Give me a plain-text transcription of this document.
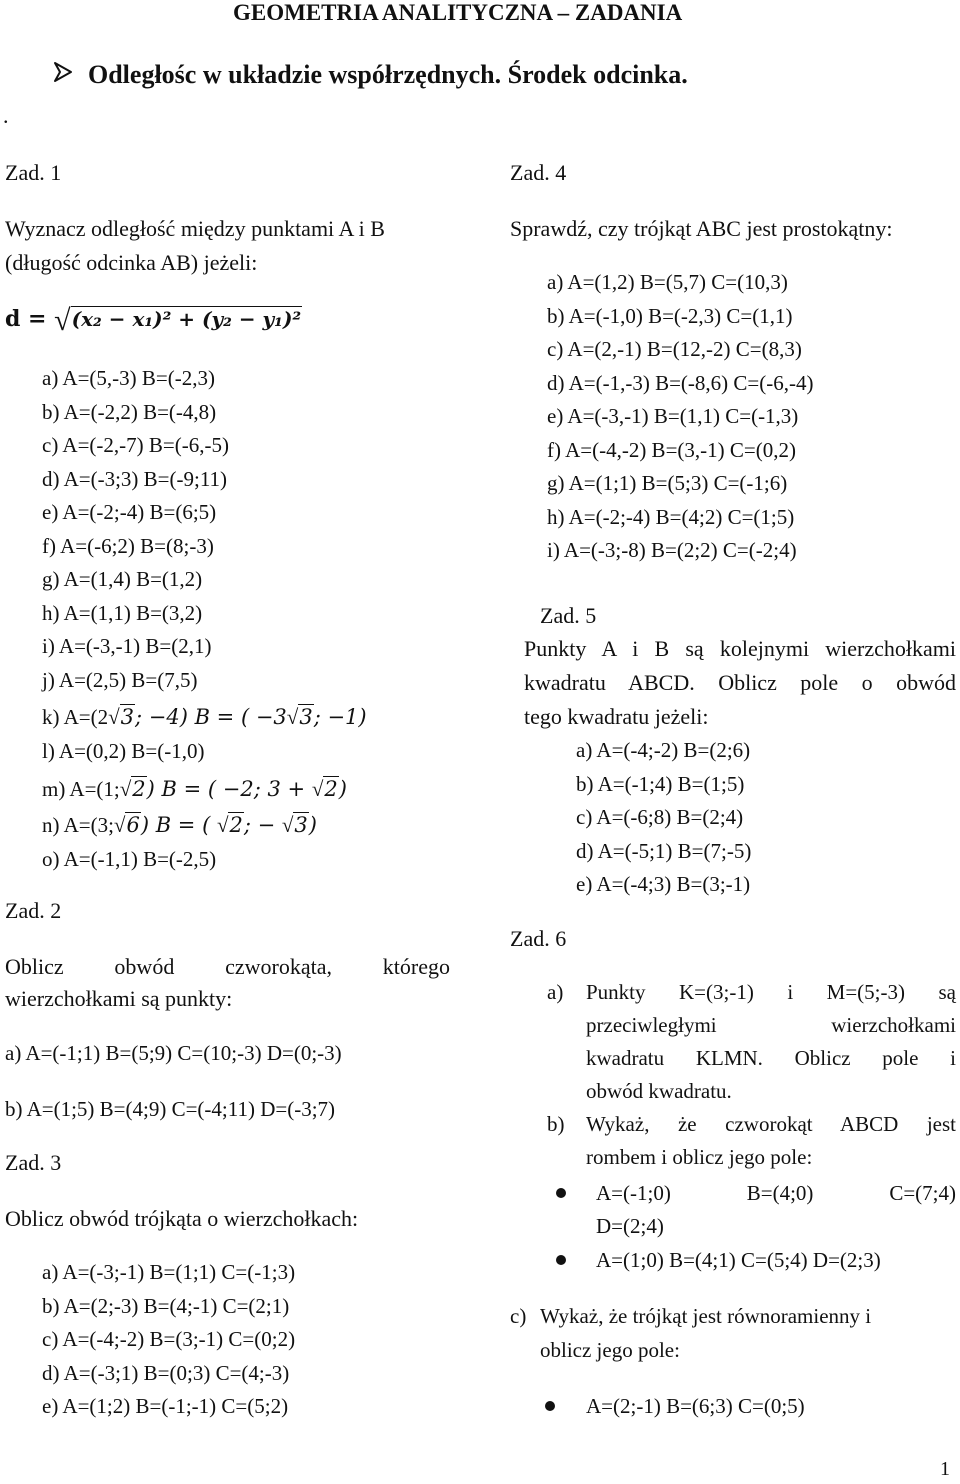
GEOMETRIA ANALITYCZNA – ZADANIA
Odległośc w układzie współrzędnych. Środek odcinka.
.
Zad. 1
Wyznacz odległość między punktami A i B
(długość odcinka AB) jeżeli:
d = √(x₂ − x₁)² + (y₂ − y₁)²
a) A=(5,-3) B=(-2,3)
b) A=(-2,2) B=(-4,8)
c) A=(-2,-7) B=(-6,-5)
d) A=(-3;3) B=(-9;11)
e) A=(-2;-4) B=(6;5)
f) A=(-6;2) B=(8;-3)
g) A=(1,4) B=(1,2)
h) A=(1,1) B=(3,2)
i) A=(-3,-1) B=(2,1)
j) A=(2,5) B=(7,5)
k) A=(2√3; −4) B = ( −3√3; −1)
l) A=(0,2) B=(-1,0)
m) A=(1;√2) B = ( −2; 3 + √2)
n) A=(3;√6) B = ( √2; − √3)
o) A=(-1,1) B=(-2,5)
Zad. 2
Oblicz obwód czworokąta, którego
wierzchołkami są punkty:
a) A=(-1;1) B=(5;9) C=(10;-3) D=(0;-3)
b) A=(1;5) B=(4;9) C=(-4;11) D=(-3;7)
Zad. 3
Oblicz obwód trójkąta o wierzchołkach:
a) A=(-3;-1) B=(1;1) C=(-1;3)
b) A=(2;-3) B=(4;-1) C=(2;1)
c) A=(-4;-2) B=(3;-1) C=(0;2)
d) A=(-3;1) B=(0;3) C=(4;-3)
e) A=(1;2) B=(-1;-1) C=(5;2)
Zad. 4
Sprawdź, czy trójkąt ABC jest prostokątny:
a) A=(1,2) B=(5,7) C=(10,3)
b) A=(-1,0) B=(-2,3) C=(1,1)
c) A=(2,-1) B=(12,-2) C=(8,3)
d) A=(-1,-3) B=(-8,6) C=(-6,-4)
e) A=(-3,-1) B=(1,1) C=(-1,3)
f) A=(-4,-2) B=(3,-1) C=(0,2)
g) A=(1;1) B=(5;3) C=(-1;6)
h) A=(-2;-4) B=(4;2) C=(1;5)
i) A=(-3;-8) B=(2;2) C=(-2;4)
Zad. 5
Punkty A i B są kolejnymi wierzchołkami
kwadratu ABCD. Oblicz pole o obwód
tego kwadratu jeżeli:
a) A=(-4;-2) B=(2;6)
b) A=(-1;4) B=(1;5)
c) A=(-6;8) B=(2;4)
d) A=(-5;1) B=(7;-5)
e) A=(-4;3) B=(3;-1)
Zad. 6
a) Punkty K=(3;-1) i M=(5;-3) są
przeciwległymi wierzchołkami
kwadratu KLMN. Oblicz pole i
obwód kwadratu.
b) Wykaż, że czworokąt ABCD jest
rombem i oblicz jego pole:
A=(-1;0) B=(4;0) C=(7;4)
D=(2;4)
A=(1;0) B=(4;1) C=(5;4) D=(2;3)
c) Wykaż, że trójkąt jest równoramienny i
oblicz jego pole:
A=(2;-1) B=(6;3) C=(0;5)
1
